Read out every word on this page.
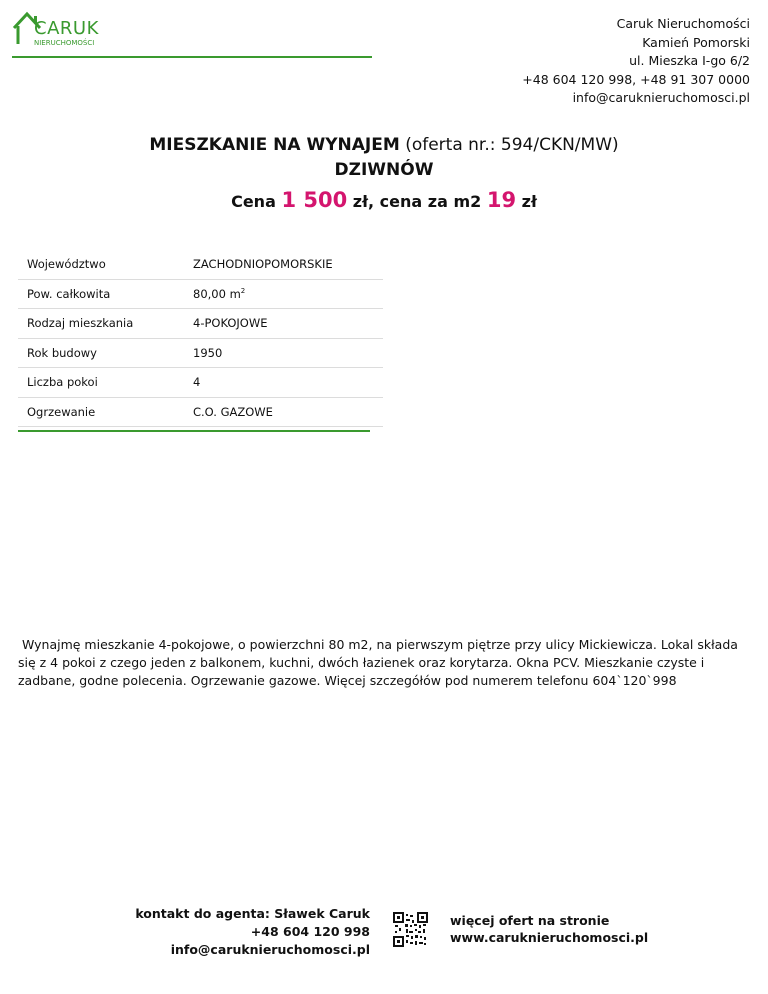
CARUK
NIERUCHOMOŚCI
Caruk Nieruchomości
Kamień Pomorski
ul. Mieszka I-go 6/2
+48 604 120 998, +48 91 307 0000
info@caruknieruchomosci.pl
MIESZKANIE NA WYNAJEM (oferta nr.: 594/CKN/MW)
DZIWNÓW
Cena 1 500 zł, cena za m2 19 zł
Województwo	ZACHODNIOPOMORSKIE
Pow. całkowita	80,00 $m^2$
Rodzaj mieszkania	4-POKOJOWE
Rok budowy	1950
Liczba pokoi	4
Ogrzewanie	C.O. GAZOWE
Wynajmę mieszkanie 4-pokojowe, o powierzchni 80 m2, na pierwszym piętrze przy ulicy Mickiewicza. Lokal składa się z 4 pokoi z czego jeden z balkonem, kuchni, dwóch łazienek oraz korytarza. Okna PCV. Mieszkanie czyste i zadbane, godne polecenia. Ogrzewanie gazowe. Więcej szczegółów pod numerem telefonu 604`120`998
kontakt do agenta: Sławek Caruk
+48 604 120 998
info@caruknieruchomosci.pl
więcej ofert na stronie
www.caruknieruchomosci.pl
